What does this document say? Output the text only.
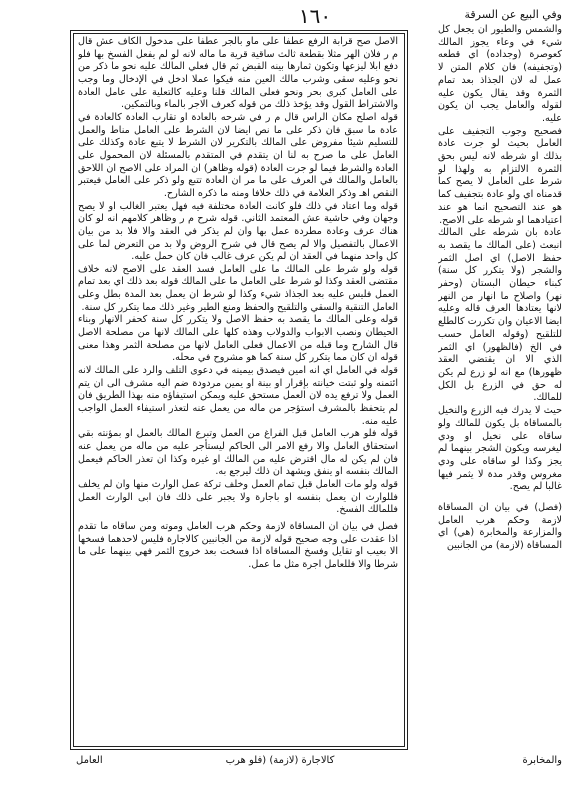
١٦٠	وفي البيع عن السرقة

الاصل صح قرابة الرفع عطفا على ماو بالجر عطفا على مدخول الكاف عش قال م ر فلان الهر مثلا بقطعة ثالث ساقية قرية ما ماله لانه لو لم يفعل الفسخ بها فلو دفع ابلا ليزعها وتكون ثمارها بينه القبض ثم قال فعلي المالك عليه نحو ما ذكر من نحو وعليه سقى وشرب مالك العين منه فيكوا عملا ادخل في الإدخال وما وجب على العامل كبرى بحر ونحو فعلى المالك قلنا وعليه كالتعلية على عامل العادة والاشتراط القول وقد يؤخذ ذلك من قوله كعرف الاجر بالماء وبالتمكين.

قوله اصلح مكان الراس قال م ر في شرحه بالعادة او تقارب العادة كالعادة في عادة ما سبق فان ذكر على ما نص ايضا لان الشرط على العامل مناط والعمل للتسليم شيئا مفروض على المالك بالتكرير لان الشرط لا يتبع عادة وكذلك على العامل على ما صرح به لنا ان يتقدم في المتقدم بالمسئلة لان المحمول على العادة والشرط فيما لو جرت العادة (قوله وظاهر) ان المراد على الاصح ان اللاحق بالعامل والمالك في العرف على ما مر ان العادة تتبع ولو ذكر على العامل فيعتبر النقص اهـ وذكر العلامة في ذلك خلافا ومنه ما ذكره الشارح.

قوله وما اعتاد في ذلك فلو كانت العادة مختلفة فيه فهل يعتبر الغالب او لا يصح وجهان وفي حاشية عش المعتمد الثاني. قوله شرح م ر وظاهر كلامهم انه لو كان هناك عرف وعادة مطردة عمل بها وان لم يذكر في العقد والا فلا بد من بيان الاعمال بالتفصيل والا لم يصح قال في شرح الروض ولا بد من التعرض لما على كل واحد منهما في العقد ان لم يكن عرف غالب فان كان حمل عليه.

قوله ولو شرط على المالك ما على العامل فسد العقد على الاصح لانه خلاف مقتضى العقد وكذا لو شرط على العامل ما على المالك قوله بعد ذلك اي بعد تمام العمل فليس عليه بعد الجذاذ شيء وكذا لو شرط ان يعمل بعد المدة بطل وعلى العامل التنقية والسقي والتلقيح والحفظ ومنع الطير وغير ذلك مما يتكرر كل سنة.

قوله وعلى المالك ما يقصد به حفظ الاصل ولا يتكرر كل سنة كحفر الانهار وبناء الحيطان ونصب الابواب والدولاب وهذه كلها على المالك لانها من مصلحة الاصل قال الشارح وما قبله من الاعمال فعلى العامل لانها من مصلحة الثمر وهذا معنى قوله ان كان مما يتكرر كل سنة كما هو مشروح في محله.

قوله في العامل اي انه امين فيصدق بيمينه في دعوى التلف والرد على المالك لانه ائتمنه ولو ثبتت خيانته بإقرار او بينة او يمين مردودة ضم اليه مشرف الى ان يتم العمل ولا ترفع يده لان العمل مستحق عليه ويمكن استيفاؤه منه بهذا الطريق فان لم يتحفظ بالمشرف استؤجر من ماله من يعمل عنه لتعذر استيفاء العمل الواجب عليه منه.

قوله فلو هرب العامل قبل الفراغ من العمل وتبرع المالك بالعمل او بمؤنته بقي استحقاق العامل والا رفع الامر الى الحاكم ليستأجر عليه من ماله من يعمل عنه فان لم يكن له مال اقترض عليه من المالك او غيره وكذا ان تعذر الحاكم فيعمل المالك بنفسه او ينفق ويشهد ان ذلك ليرجع به.

قوله ولو مات العامل قبل تمام العمل وخلف تركة عمل الوارث منها وان لم يخلف فللوارث ان يعمل بنفسه او باجارة ولا يجبر على ذلك فان ابى الوارث العمل فللمالك الفسخ.

فصل في بيان ان المساقاة لازمة وحكم هرب العامل وموته ومن ساقاه ما تقدم اذا عقدت على وجه صحيح قوله لازمة من الجانبين كالاجارة فليس لاحدهما فسخها الا بعيب او تقايل وفسخ المساقاة اذا فسخت بعد خروج الثمر فهي بينهما على ما شرطا والا فللعامل اجرة مثل ما عمل.

والشمس والطيور ان يجعل كل شيء في وعاء يجوز المالك كعوصرة (وجداده) اي قطعه (وتجفيفه) فان كلام المتن لا عمل له لان الجذاذ بعد تمام الثمرة وقد يقال يكون عليه لقوله والعامل يجب ان يكون عليه.

فصحيح وجوب التجفيف على العامل بحيث لو جرت عادة بذلك او شرطه لانه ليس بحق الثمرة الالتزام به ولهذا لو شرط على العامل لا يصح كما قدمناه اي ولو عادة بتجفيف كما هو عند التصحيح انما هو عند اعتيادهما او شرطه على الاصح.

عادة بان شرطه على المالك انبعث (على المالك ما يقصد به حفظ الاصل) اي اصل الثمر والشجر (ولا يتكرر كل سنة) كبناء حيطان البستان (وحفر نهر) واصلاح ما انهار من النهر لانها يعتادها العرف قاله وعليه ايضا الاعيان وان تكررت كالطلع للتلقيح (وقوله العامل حسب في الخ (فالظهور) اي الثمر الذي الا ان يقتضي العقد ظهورها) مع انه لو زرع لم يكن له حق في الزرع بل الكل للمالك.

حيث لا يدرك فيه الزرع والنخيل بالمساقاة بل يكون للمالك ولو ساقاه على نخيل او ودي ليغرسه ويكون الشجر بينهما لم يجز وكذا لو ساقاه على ودي مغروس وقدر مدة لا يثمر فيها غالبا لم يصح.

(فصل) في بيان ان المساقاة لازمة وحكم هرب العامل والمزارعة والمخابرة (هي) اي المساقاة (لازمة) من الجانبين

العامل	كالاجارة (لازمة) (فلو هرب	والمخابرة
